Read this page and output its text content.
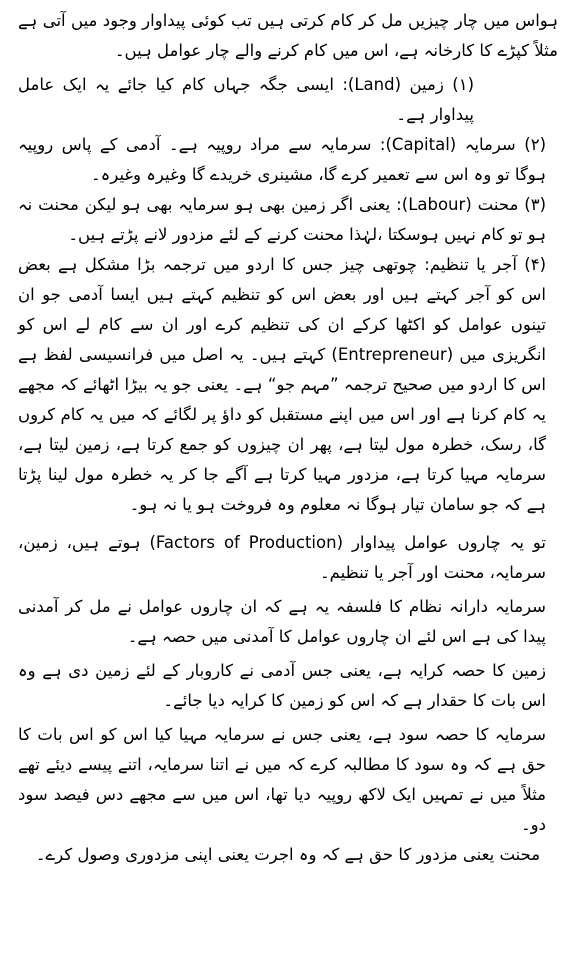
ہواس میں چار چیزیں مل کر کام کرتی ہیں تب کوئی پیداوار وجود میں آتی ہے مثلاً کپڑے کا کارخانہ ہے، اس میں کام کرنے والے چار عوامل ہیں۔

(۱) زمین (Land): ایسی جگہ جہاں کام کیا جائے یہ ایک عامل پیداوار ہے۔

(۲) سرمایہ (Capital): سرمایہ سے مراد روپیہ ہے۔ آدمی کے پاس روپیہ ہوگا تو وہ اس سے تعمیر کرے گا، مشینری خریدے گا وغیرہ وغیرہ۔

(۳) محنت (Labour): یعنی اگر زمین بھی ہو سرمایہ بھی ہو لیکن محنت نہ ہو تو کام نہیں ہوسکتا ،لہٰذا محنت کرنے کے لئے مزدور لانے پڑتے ہیں۔

(۴) آجر یا تنظیم: چوتھی چیز جس کا اردو میں ترجمہ بڑا مشکل ہے بعض اس کو آجر کہتے ہیں اور بعض اس کو تنظیم کہتے ہیں ایسا آدمی جو ان تینوں عوامل کو اکٹھا کرکے ان کی تنظیم کرے اور ان سے کام لے اس کو انگریزی میں (Entrepreneur) کہتے ہیں۔ یہ اصل میں فرانسیسی لفظ ہے اس کا اردو میں صحیح ترجمہ ”مہم جو“ ہے۔ یعنی جو یہ بیڑا اٹھائے کہ مجھے یہ کام کرنا ہے اور اس میں اپنے مستقبل کو داؤ پر لگائے کہ میں یہ کام کروں گا، رسک، خطرہ مول لیتا ہے، پھر ان چیزوں کو جمع کرتا ہے، زمین لیتا ہے، سرمایہ مہیا کرتا ہے، مزدور مہیا کرتا ہے آگے جا کر یہ خطرہ مول لینا پڑتا ہے کہ جو سامان تیار ہوگا نہ معلوم وہ فروخت ہو یا نہ ہو۔

تو یہ چاروں عوامل پیداوار (Factors of Production) ہوتے ہیں، زمین، سرمایہ، محنت اور آجر یا تنظیم۔

سرمایہ دارانہ نظام کا فلسفہ یہ ہے کہ ان چاروں عوامل نے مل کر آمدنی پیدا کی ہے اس لئے ان چاروں عوامل کا آمدنی میں حصہ ہے۔

زمین کا حصہ کرایہ ہے، یعنی جس آدمی نے کاروبار کے لئے زمین دی ہے وہ اس بات کا حقدار ہے کہ اس کو زمین کا کرایہ دیا جائے۔

سرمایہ کا حصہ سود ہے، یعنی جس نے سرمایہ مہیا کیا اس کو اس بات کا حق ہے کہ وہ سود کا مطالبہ کرے کہ میں نے اتنا سرمایہ، اتنے پیسے دیئے تھے مثلاً میں نے تمہیں ایک لاکھ روپیہ دیا تھا، اس میں سے مجھے دس فیصد سود دو۔

محنت یعنی مزدور کا حق ہے کہ وہ اجرت یعنی اپنی مزدوری وصول کرے۔
